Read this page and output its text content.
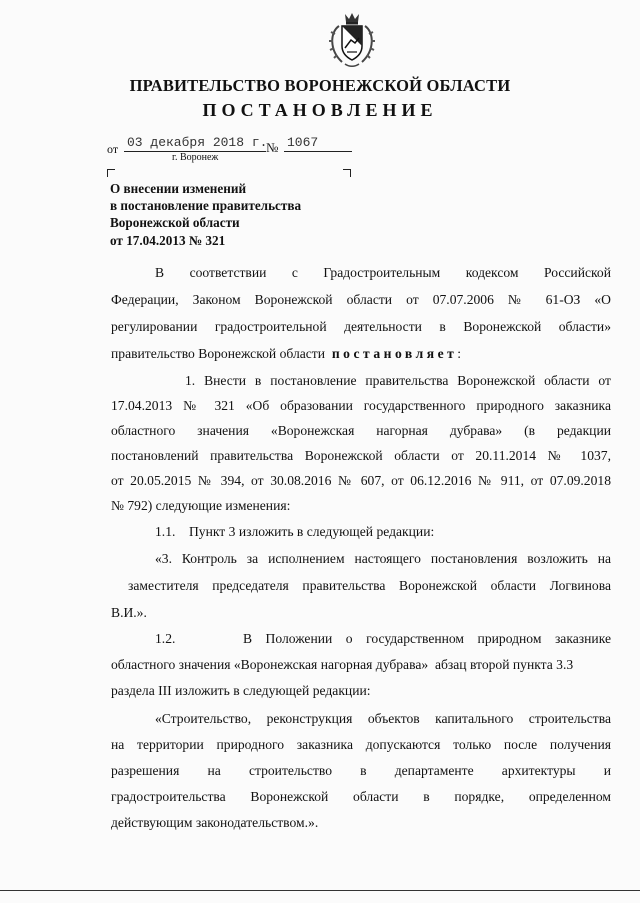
ПРАВИТЕЛЬСТВО ВОРОНЕЖСКОЙ ОБЛАСТИ
ПОСТАНОВЛЕНИЕ
от 03 декабря 2018 г.
№ 1067
г. Воронеж
О внесении изменений
в постановление правительства
Воронежской области
от 17.04.2013 № 321
В соответствии с Градостроительным кодексом Российской
Федерации, Законом Воронежской области от 07.07.2006 № 61-ОЗ «О
регулировании градостроительной деятельности в Воронежской области»
правительство Воронежской области постановляет:
1. Внести в постановление правительства Воронежской области от
17.04.2013 № 321 «Об образовании государственного природного заказника
областного значения «Воронежская нагорная дубрава» (в редакции
постановлений правительства Воронежской области от 20.11.2014 № 1037,
от 20.05.2015 № 394, от 30.08.2016 № 607, от 06.12.2016 № 911, от 07.09.2018
№ 792) следующие изменения:
1.1.    Пункт 3 изложить в следующей редакции:
«3. Контроль за исполнением настоящего постановления возложить на
заместителя председателя правительства Воронежской области Логвинова
В.И.».
1.2.     В Положении о государственном природном заказнике
областного значения «Воронежская нагорная дубрава»  абзац второй пункта 3.3
раздела III изложить в следующей редакции:
«Строительство, реконструкция объектов капитального строительства
на территории природного заказника допускаются только после получения
разрешения на строительство в департаменте архитектуры и
градостроительства Воронежской области в порядке, определенном
действующим законодательством.».
